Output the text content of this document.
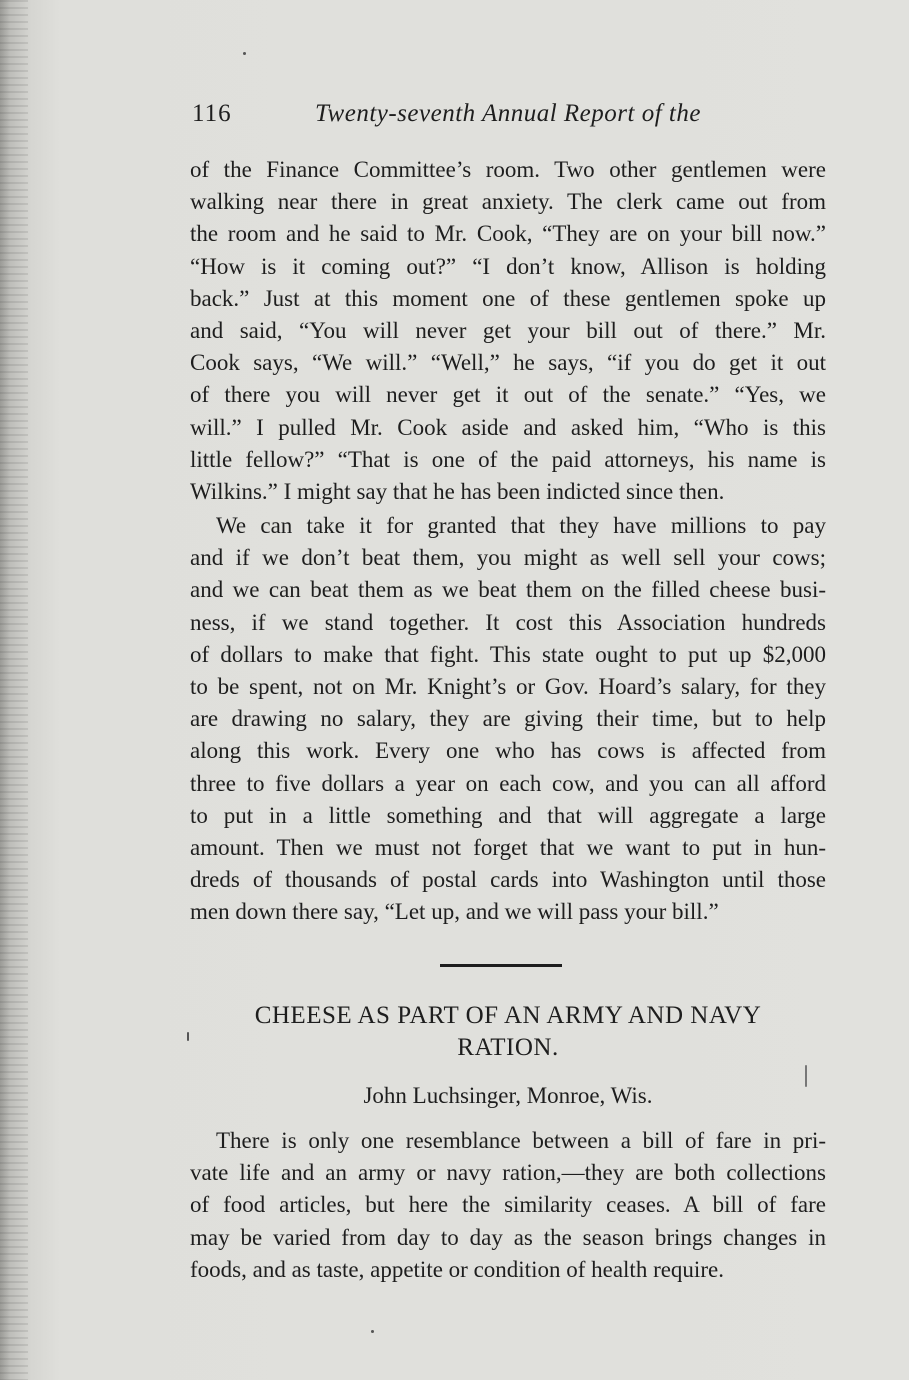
116	Twenty-seventh Annual Report of the

of the Finance Committee’s room. Two other gentlemen were
walking near there in great anxiety. The clerk came out from
the room and he said to Mr. Cook, “They are on your bill now.”
“How is it coming out?” “I don’t know, Allison is holding
back.” Just at this moment one of these gentlemen spoke up
and said, “You will never get your bill out of there.” Mr.
Cook says, “We will.” “Well,” he says, “if you do get it out
of there you will never get it out of the senate.” “Yes, we
will.” I pulled Mr. Cook aside and asked him, “Who is this
little fellow?” “That is one of the paid attorneys, his name is
Wilkins.” I might say that he has been indicted since then.

We can take it for granted that they have millions to pay
and if we don’t beat them, you might as well sell your cows;
and we can beat them as we beat them on the filled cheese busi-
ness, if we stand together. It cost this Association hundreds
of dollars to make that fight. This state ought to put up $2,000
to be spent, not on Mr. Knight’s or Gov. Hoard’s salary, for they
are drawing no salary, they are giving their time, but to help
along this work. Every one who has cows is affected from
three to five dollars a year on each cow, and you can all afford
to put in a little something and that will aggregate a large
amount. Then we must not forget that we want to put in hun-
dreds of thousands of postal cards into Washington until those
men down there say, “Let up, and we will pass your bill.”

CHEESE AS PART OF AN ARMY AND NAVY
RATION.
John Luchsinger, Monroe, Wis.

There is only one resemblance between a bill of fare in pri-
vate life and an army or navy ration,—they are both collections
of food articles, but here the similarity ceases. A bill of fare
may be varied from day to day as the season brings changes in
foods, and as taste, appetite or condition of health require.
